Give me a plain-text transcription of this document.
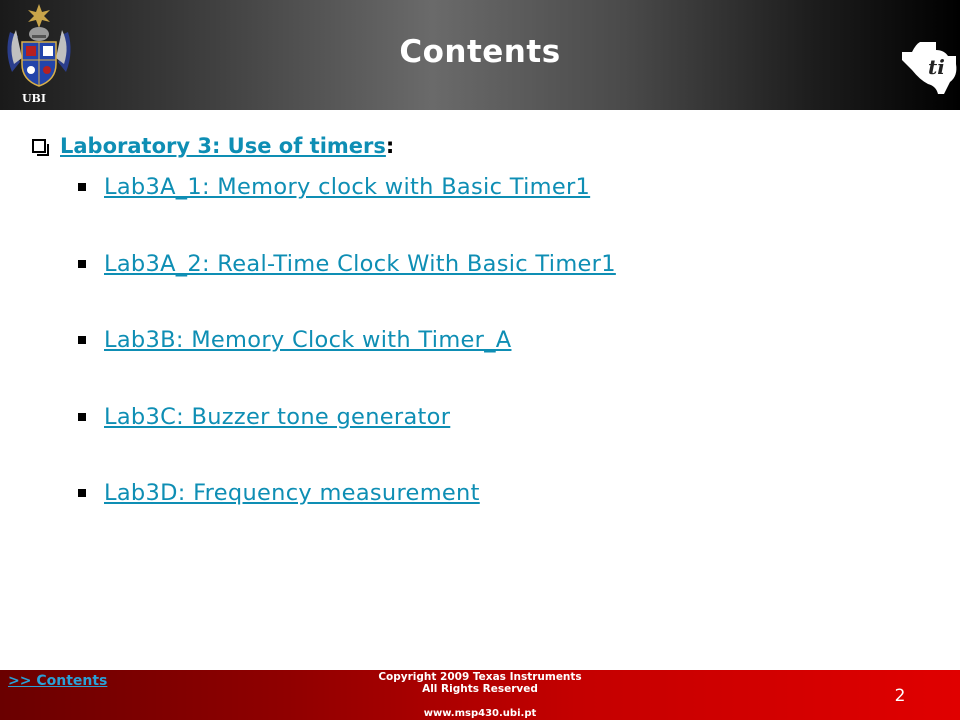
UBI
Contents	ti
Laboratory 3: Use of timers :
Lab3A_1: Memory clock with Basic Timer1
Lab3A_2: Real-Time Clock With Basic Timer1
Lab3B: Memory Clock with Timer_A
Lab3C: Buzzer tone generator
Lab3D: Frequency measurement
>> Contents	Copyright 2009 Texas Instruments
All Rights Reserved
www.msp430.ubi.pt
2
